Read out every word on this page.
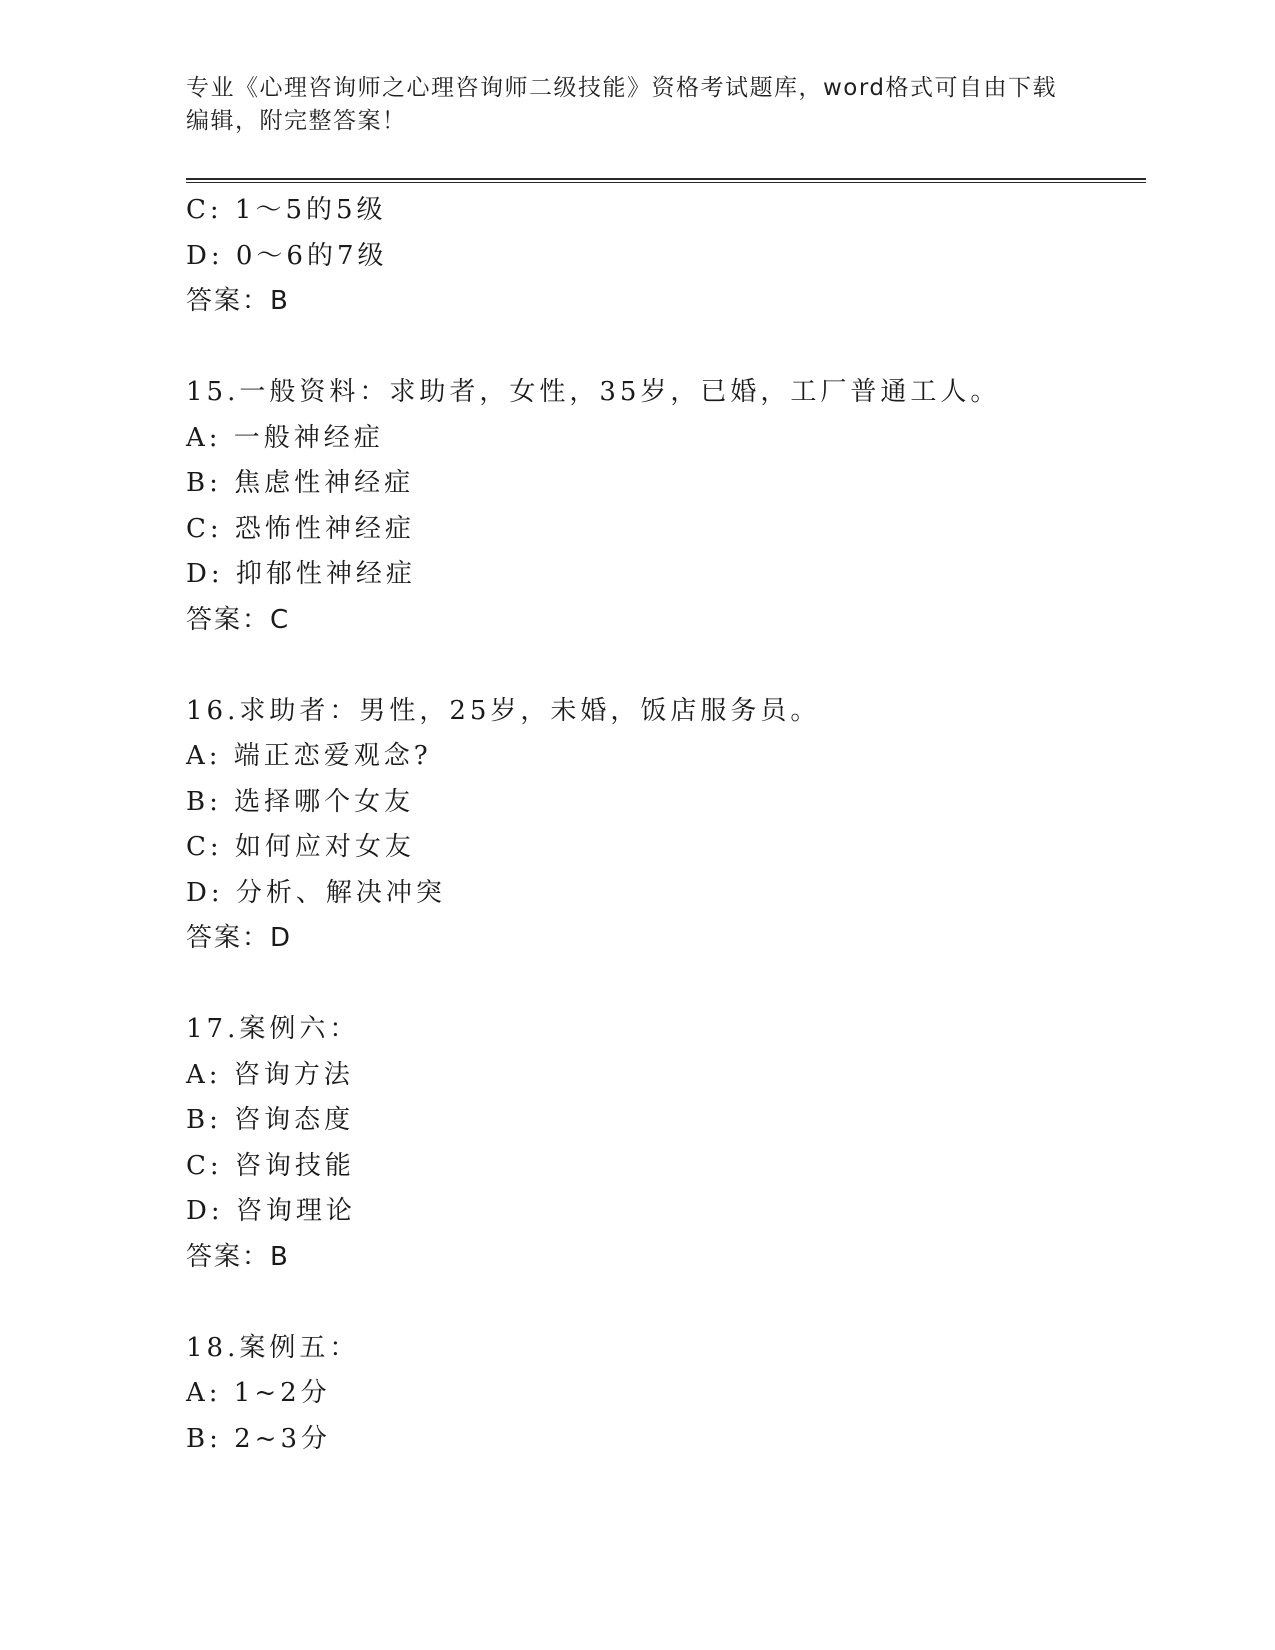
专业《心理咨询师之心理咨询师二级技能》资格考试题库，word格式可自由下载编辑，附完整答案！
C: 1～5的5级
D: 0～6的7级
答案：B
15.一般资料：求助者，女性，35岁，已婚，工厂普通工人。
A: 一般神经症
B: 焦虑性神经症
C: 恐怖性神经症
D: 抑郁性神经症
答案：C
16.求助者：男性，25岁，未婚，饭店服务员。
A: 端正恋爱观念?
B: 选择哪个女友
C: 如何应对女友
D: 分析、解决冲突
答案：D
17.案例六：
A: 咨询方法
B: 咨询态度
C: 咨询技能
D: 咨询理论
答案：B
18.案例五：
A: 1~2分
B: 2~3分
